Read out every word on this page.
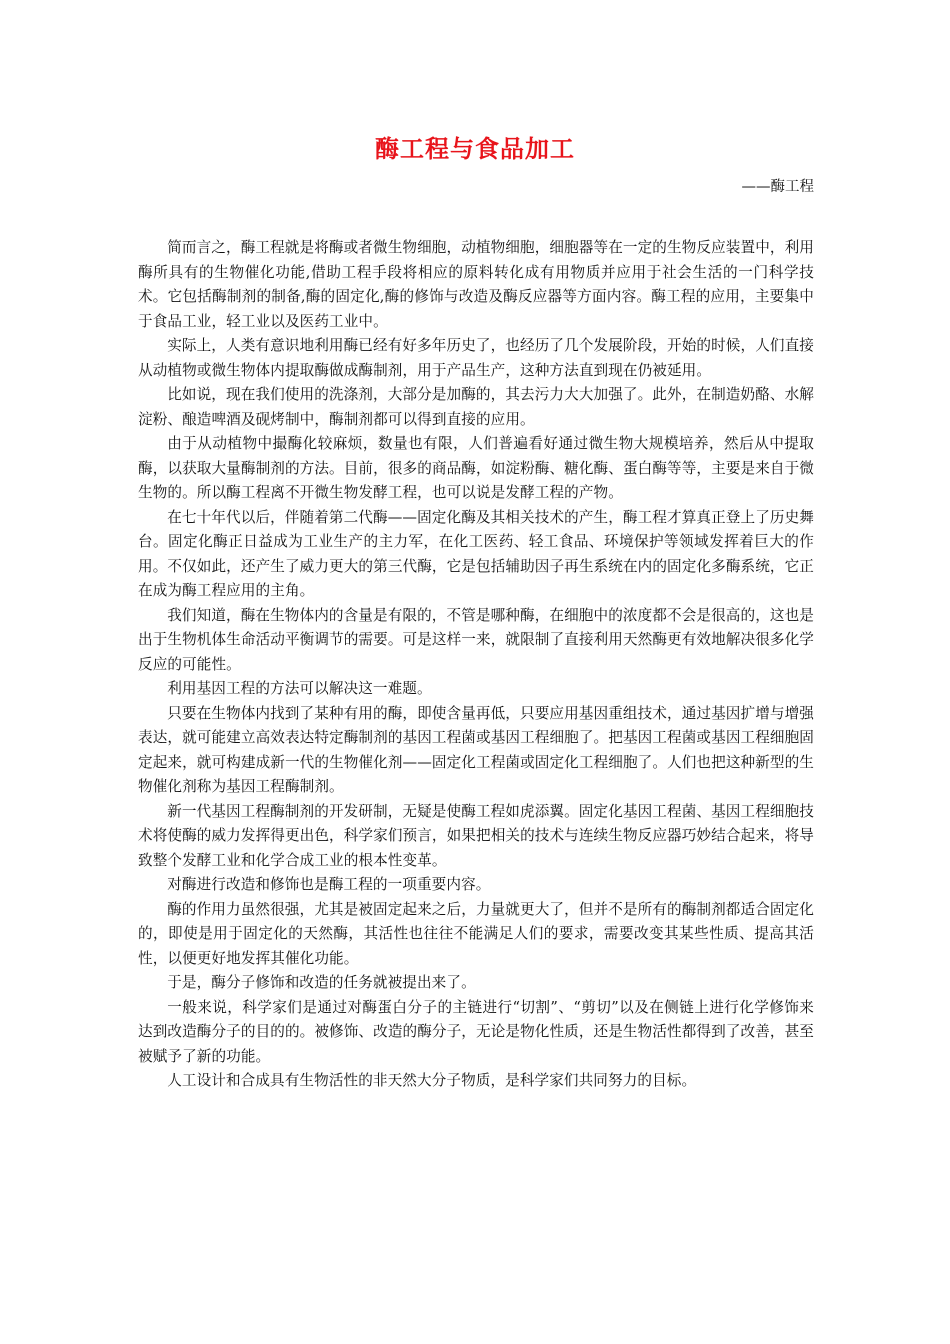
酶工程与食品加工

——酶工程

简而言之，酶工程就是将酶或者微生物细胞，动植物细胞，细胞器等在一定的生物反应装置中，利用酶所具有的生物催化功能,借助工程手段将相应的原料转化成有用物质并应用于社会生活的一门科学技术。它包括酶制剂的制备,酶的固定化,酶的修饰与改造及酶反应器等方面内容。酶工程的应用，主要集中于食品工业，轻工业以及医药工业中。

实际上，人类有意识地利用酶已经有好多年历史了，也经历了几个发展阶段，开始的时候，人们直接从动植物或微生物体内提取酶做成酶制剂，用于产品生产，这种方法直到现在仍被延用。

比如说，现在我们使用的洗涤剂，大部分是加酶的，其去污力大大加强了。此外，在制造奶酪、水解淀粉、酿造啤酒及砚烤制中，酶制剂都可以得到直接的应用。

由于从动植物中撮酶化较麻烦，数量也有限，人们普遍看好通过微生物大规模培养，然后从中提取酶，以获取大量酶制剂的方法。目前，很多的商品酶，如淀粉酶、糖化酶、蛋白酶等等，主要是来自于微生物的。所以酶工程离不开微生物发酵工程，也可以说是发酵工程的产物。

在七十年代以后，伴随着第二代酶——固定化酶及其相关技术的产生，酶工程才算真正登上了历史舞台。固定化酶正日益成为工业生产的主力军，在化工医药、轻工食品、环境保护等领域发挥着巨大的作用。不仅如此，还产生了威力更大的第三代酶，它是包括辅助因子再生系统在内的固定化多酶系统，它正在成为酶工程应用的主角。

我们知道，酶在生物体内的含量是有限的，不管是哪种酶，在细胞中的浓度都不会是很高的，这也是出于生物机体生命活动平衡调节的需要。可是这样一来，就限制了直接利用天然酶更有效地解决很多化学反应的可能性。

利用基因工程的方法可以解决这一难题。

只要在生物体内找到了某种有用的酶，即使含量再低，只要应用基因重组技术，通过基因扩增与增强表达，就可能建立高效表达特定酶制剂的基因工程菌或基因工程细胞了。把基因工程菌或基因工程细胞固定起来，就可构建成新一代的生物催化剂——固定化工程菌或固定化工程细胞了。人们也把这种新型的生物催化剂称为基因工程酶制剂。

新一代基因工程酶制剂的开发研制，无疑是使酶工程如虎添翼。固定化基因工程菌、基因工程细胞技术将使酶的威力发挥得更出色，科学家们预言，如果把相关的技术与连续生物反应器巧妙结合起来，将导致整个发酵工业和化学合成工业的根本性变革。

对酶进行改造和修饰也是酶工程的一项重要内容。

酶的作用力虽然很强，尤其是被固定起来之后，力量就更大了，但并不是所有的酶制剂都适合固定化的，即使是用于固定化的天然酶，其活性也往往不能满足人们的要求，需要改变其某些性质、提高其活性，以便更好地发挥其催化功能。

于是，酶分子修饰和改造的任务就被提出来了。

一般来说，科学家们是通过对酶蛋白分子的主链进行“切割”、“剪切”以及在侧链上进行化学修饰来达到改造酶分子的目的的。被修饰、改造的酶分子，无论是物化性质，还是生物活性都得到了改善，甚至被赋予了新的功能。

人工设计和合成具有生物活性的非天然大分子物质，是科学家们共同努力的目标。
